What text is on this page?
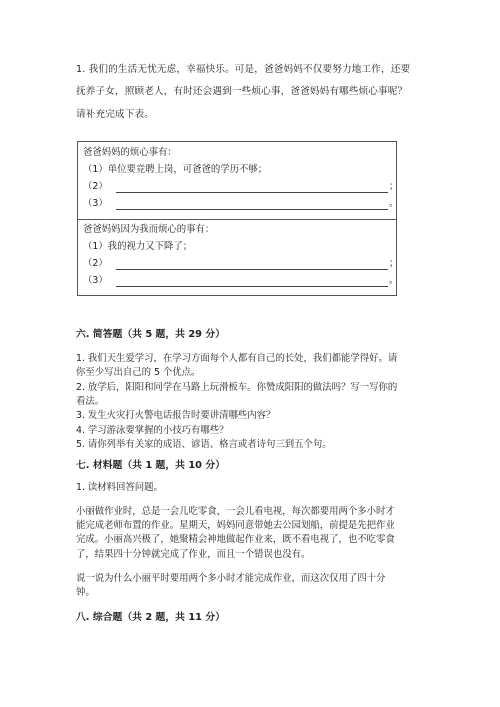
1. 我们的生活无忧无虑，幸福快乐。可是，爸爸妈妈不仅要努力地工作，还要
抚养子女，照顾老人，有时还会遇到一些烦心事，爸爸妈妈有哪些烦心事呢？
请补充完成下表。
爸爸妈妈的烦心事有：
（1）单位要竞聘上岗，可爸爸的学历不够；
（2）	；
（3）	。
爸爸妈妈因为我而烦心的事有：
（1）我的视力又下降了；
（2）	；
（3）	。
六. 简答题（共 5 题，共 29 分）
1. 我们天生爱学习，在学习方面每个人都有自己的长处，我们都能学得好。请
你至少写出自己的 5 个优点。
2. 放学后，阳阳和同学在马路上玩滑板车。你赞成阳阳的做法吗？写一写你的
看法。
3. 发生火灾打火警电话报告时要讲清哪些内容？
4. 学习游泳要掌握的小技巧有哪些？
5. 请你列举有关家的成语、谚语、格言或者诗句三到五个句。
七. 材料题（共 1 题，共 10 分）
1. 读材料回答问题。
小丽做作业时，总是一会儿吃零食，一会儿看电视，每次都要用两个多小时才
能完成老师布置的作业。星期天，妈妈同意带她去公园划船，前提是先把作业
完成。小丽高兴极了，她聚精会神地做起作业来，既不看电视了，也不吃零食
了，结果四十分钟就完成了作业，而且一个错误也没有。
说一说为什么小丽平时要用两个多小时才能完成作业，而这次仅用了四十分
钟。
八. 综合题（共 2 题，共 11 分）
